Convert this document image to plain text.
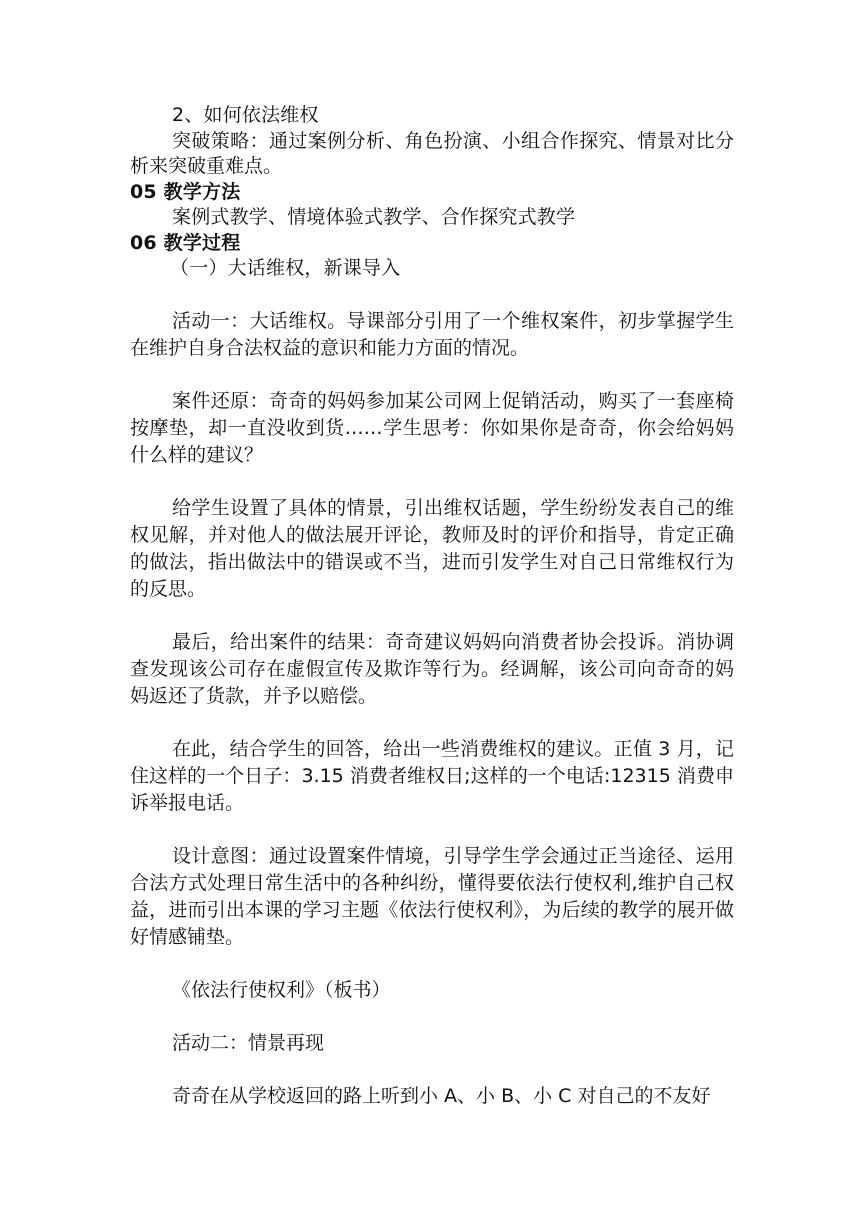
2、如何依法维权

突破策略：通过案例分析、角色扮演、小组合作探究、情景对比分析来突破重难点。

05 教学方法
案例式教学、情境体验式教学、合作探究式教学
06 教学过程
（一）大话维权，新课导入

活动一：大话维权。导课部分引用了一个维权案件，初步掌握学生在维护自身合法权益的意识和能力方面的情况。

案件还原：奇奇的妈妈参加某公司网上促销活动，购买了一套座椅按摩垫，却一直没收到货……学生思考：你如果你是奇奇，你会给妈妈什么样的建议？

给学生设置了具体的情景，引出维权话题，学生纷纷发表自己的维权见解，并对他人的做法展开评论，教师及时的评价和指导，肯定正确的做法，指出做法中的错误或不当，进而引发学生对自己日常维权行为的反思。

最后，给出案件的结果：奇奇建议妈妈向消费者协会投诉。消协调查发现该公司存在虚假宣传及欺诈等行为。经调解，该公司向奇奇的妈妈返还了货款，并予以赔偿。

在此，结合学生的回答，给出一些消费维权的建议。正值 3 月，记住这样的一个日子：3.15 消费者维权日;这样的一个电话:12315 消费申诉举报电话。

设计意图：通过设置案件情境，引导学生学会通过正当途径、运用合法方式处理日常生活中的各种纠纷，懂得要依法行使权利,维护自己权益，进而引出本课的学习主题《依法行使权利》，为后续的教学的展开做好情感铺垫。

《依法行使权利》（板书）

活动二：情景再现

奇奇在从学校返回的路上听到小 A、小 B、小 C 对自己的不友好
